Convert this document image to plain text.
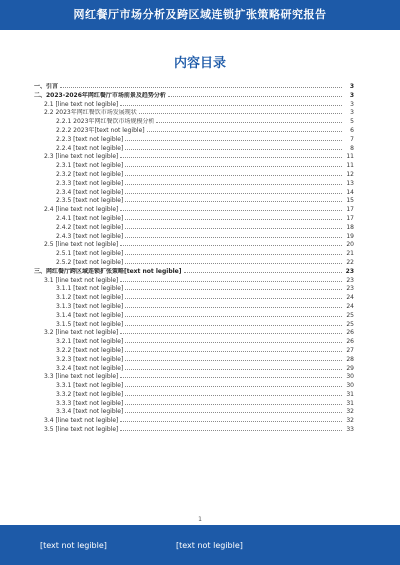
网红餐厅市场分析及跨区域连锁扩张策略研究报告
内容目录
一、引言	3
二、2023-2026年网红餐厅市场前景及趋势分析	3
2.1 [line text not legible]	3
2.2 2023年网红餐饮市场发展现状	3
2.2.1 2023年网红餐饮市场规模分析	5
2.2.2 2023年[text not legible]	6
2.2.3 [text not legible]	7
2.2.4 [text not legible]	8
2.3 [line text not legible]	11
2.3.1 [text not legible]	11
2.3.2 [text not legible]	12
2.3.3 [text not legible]	13
2.3.4 [text not legible]	14
2.3.5 [text not legible]	15
2.4 [line text not legible]	17
2.4.1 [text not legible]	17
2.4.2 [text not legible]	18
2.4.3 [text not legible]	19
2.5 [line text not legible]	20
2.5.1 [text not legible]	21
2.5.2 [text not legible]	22
三、网红餐厅跨区域连锁扩张策略[text not legible]	23
3.1 [line text not legible]	23
3.1.1 [text not legible]	23
3.1.2 [text not legible]	24
3.1.3 [text not legible]	24
3.1.4 [text not legible]	25
3.1.5 [text not legible]	25
3.2 [line text not legible]	26
3.2.1 [text not legible]	26
3.2.2 [text not legible]	27
3.2.3 [text not legible]	28
3.2.4 [text not legible]	29
3.3 [line text not legible]	30
3.3.1 [text not legible]	30
3.3.2 [text not legible]	31
3.3.3 [text not legible]	31
3.3.4 [text not legible]	32
3.4 [line text not legible]	32
3.5 [line text not legible]	33
1
[text not legible]	[text not legible]
